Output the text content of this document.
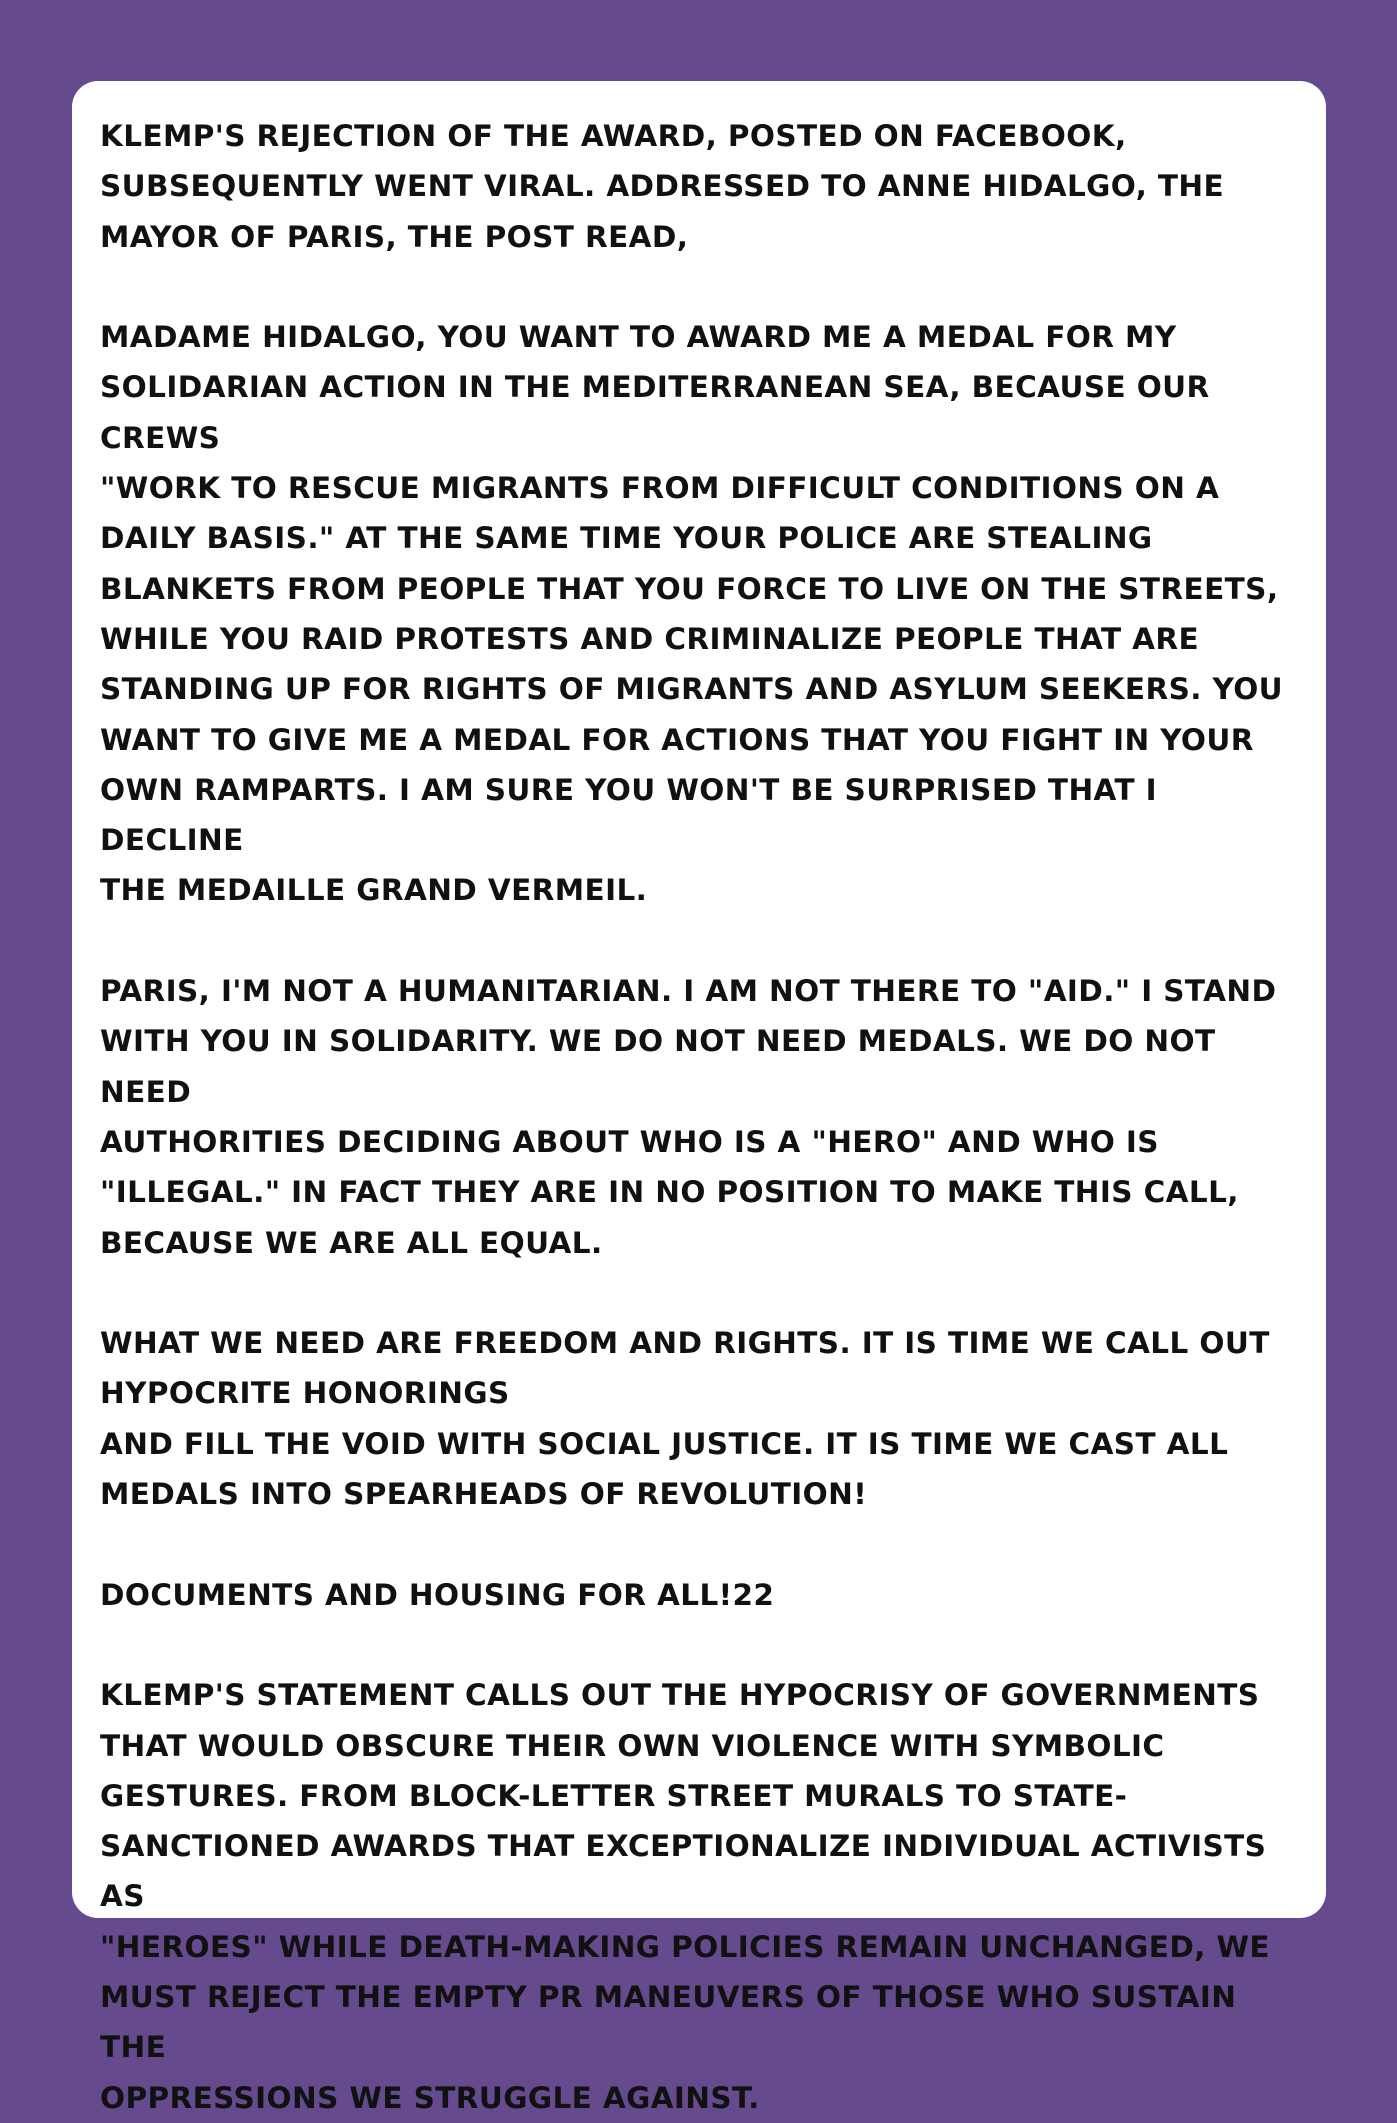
KLEMP'S REJECTION OF THE AWARD, POSTED ON FACEBOOK,
SUBSEQUENTLY WENT VIRAL. ADDRESSED TO ANNE HIDALGO, THE
MAYOR OF PARIS, THE POST READ,

MADAME HIDALGO, YOU WANT TO AWARD ME A MEDAL FOR MY
SOLIDARIAN ACTION IN THE MEDITERRANEAN SEA, BECAUSE OUR CREWS
"WORK TO RESCUE MIGRANTS FROM DIFFICULT CONDITIONS ON A
DAILY BASIS." AT THE SAME TIME YOUR POLICE ARE STEALING
BLANKETS FROM PEOPLE THAT YOU FORCE TO LIVE ON THE STREETS,
WHILE YOU RAID PROTESTS AND CRIMINALIZE PEOPLE THAT ARE
STANDING UP FOR RIGHTS OF MIGRANTS AND ASYLUM SEEKERS. YOU
WANT TO GIVE ME A MEDAL FOR ACTIONS THAT YOU FIGHT IN YOUR
OWN RAMPARTS. I AM SURE YOU WON'T BE SURPRISED THAT I DECLINE
THE MEDAILLE GRAND VERMEIL.

PARIS, I'M NOT A HUMANITARIAN. I AM NOT THERE TO "AID." I STAND
WITH YOU IN SOLIDARITY. WE DO NOT NEED MEDALS. WE DO NOT NEED
AUTHORITIES DECIDING ABOUT WHO IS A "HERO" AND WHO IS
"ILLEGAL." IN FACT THEY ARE IN NO POSITION TO MAKE THIS CALL,
BECAUSE WE ARE ALL EQUAL.

WHAT WE NEED ARE FREEDOM AND RIGHTS. IT IS TIME WE CALL OUT
HYPOCRITE HONORINGS
AND FILL THE VOID WITH SOCIAL JUSTICE. IT IS TIME WE CAST ALL
MEDALS INTO SPEARHEADS OF REVOLUTION!

DOCUMENTS AND HOUSING FOR ALL!22

KLEMP'S STATEMENT CALLS OUT THE HYPOCRISY OF GOVERNMENTS
THAT WOULD OBSCURE THEIR OWN VIOLENCE WITH SYMBOLIC
GESTURES. FROM BLOCK-LETTER STREET MURALS TO STATE-
SANCTIONED AWARDS THAT EXCEPTIONALIZE INDIVIDUAL ACTIVISTS AS
"HEROES" WHILE DEATH-MAKING POLICIES REMAIN UNCHANGED, WE
MUST REJECT THE EMPTY PR MANEUVERS OF THOSE WHO SUSTAIN THE
OPPRESSIONS WE STRUGGLE AGAINST.
